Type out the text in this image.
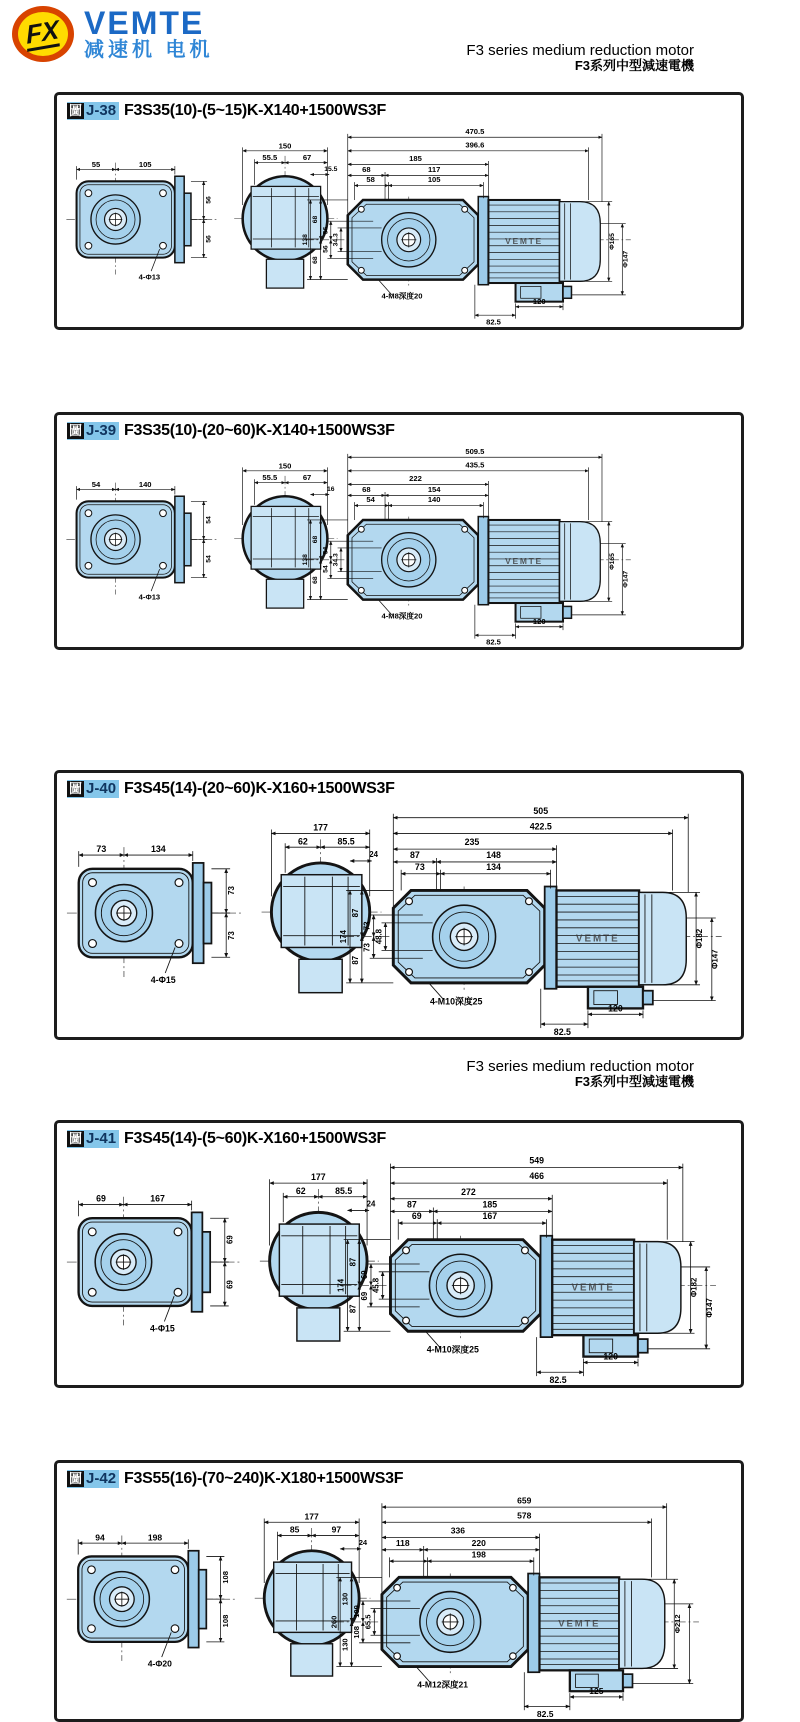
FX VEMTE
减速机 电机	F3 series medium reduction motor
F3系列中型減速電機
F3 series medium reduction motor
F3系列中型減速電機
圖 J-38 F3S35(10)-(5~15)K-X140+1500WS3F
55	105
56
56
4-Φ13
150
55.5	67
15.5
VEMTE
470.5
396.6
185
68	117
58	105
138
68
68
56
56
34.3	Φ165
Φ147
4-M8深度20
82.5
120
圖 J-39 F3S35(10)-(20~60)K-X140+1500WS3F
54	140
54
54
4-Φ13
150
55.5	67
16
VEMTE
509.5
435.5
222
68	154
54	140
138
68
68
54
54
34.3	Φ165
Φ147
4-M8深度20
82.5
120
圖 J-40 F3S45(14)-(20~60)K-X160+1500WS3F
73	134
73
73
4-Φ15
177
62	85.5
24
VEMTE
505
422.5
235
87	148
73	134
174
87
87
73
73
48.8	Φ182
Φ147
4-M10深度25
82.5
120
圖 J-41 F3S45(14)-(5~60)K-X160+1500WS3F
69	167
69
69
4-Φ15
177
62	85.5
24
VEMTE
549
466
272
87	185
69	167
174
87
87
69
69
45.8	Φ182
Φ147
4-M10深度25
82.5
120
圖 J-42 F3S55(16)-(70~240)K-X180+1500WS3F
94	198
108
108
4-Φ20
177
85	97
24
VEMTE
659
578
336
118	220
198
260
130
130
109
108
65.5	Φ212
4-M12深度21
82.5
125
